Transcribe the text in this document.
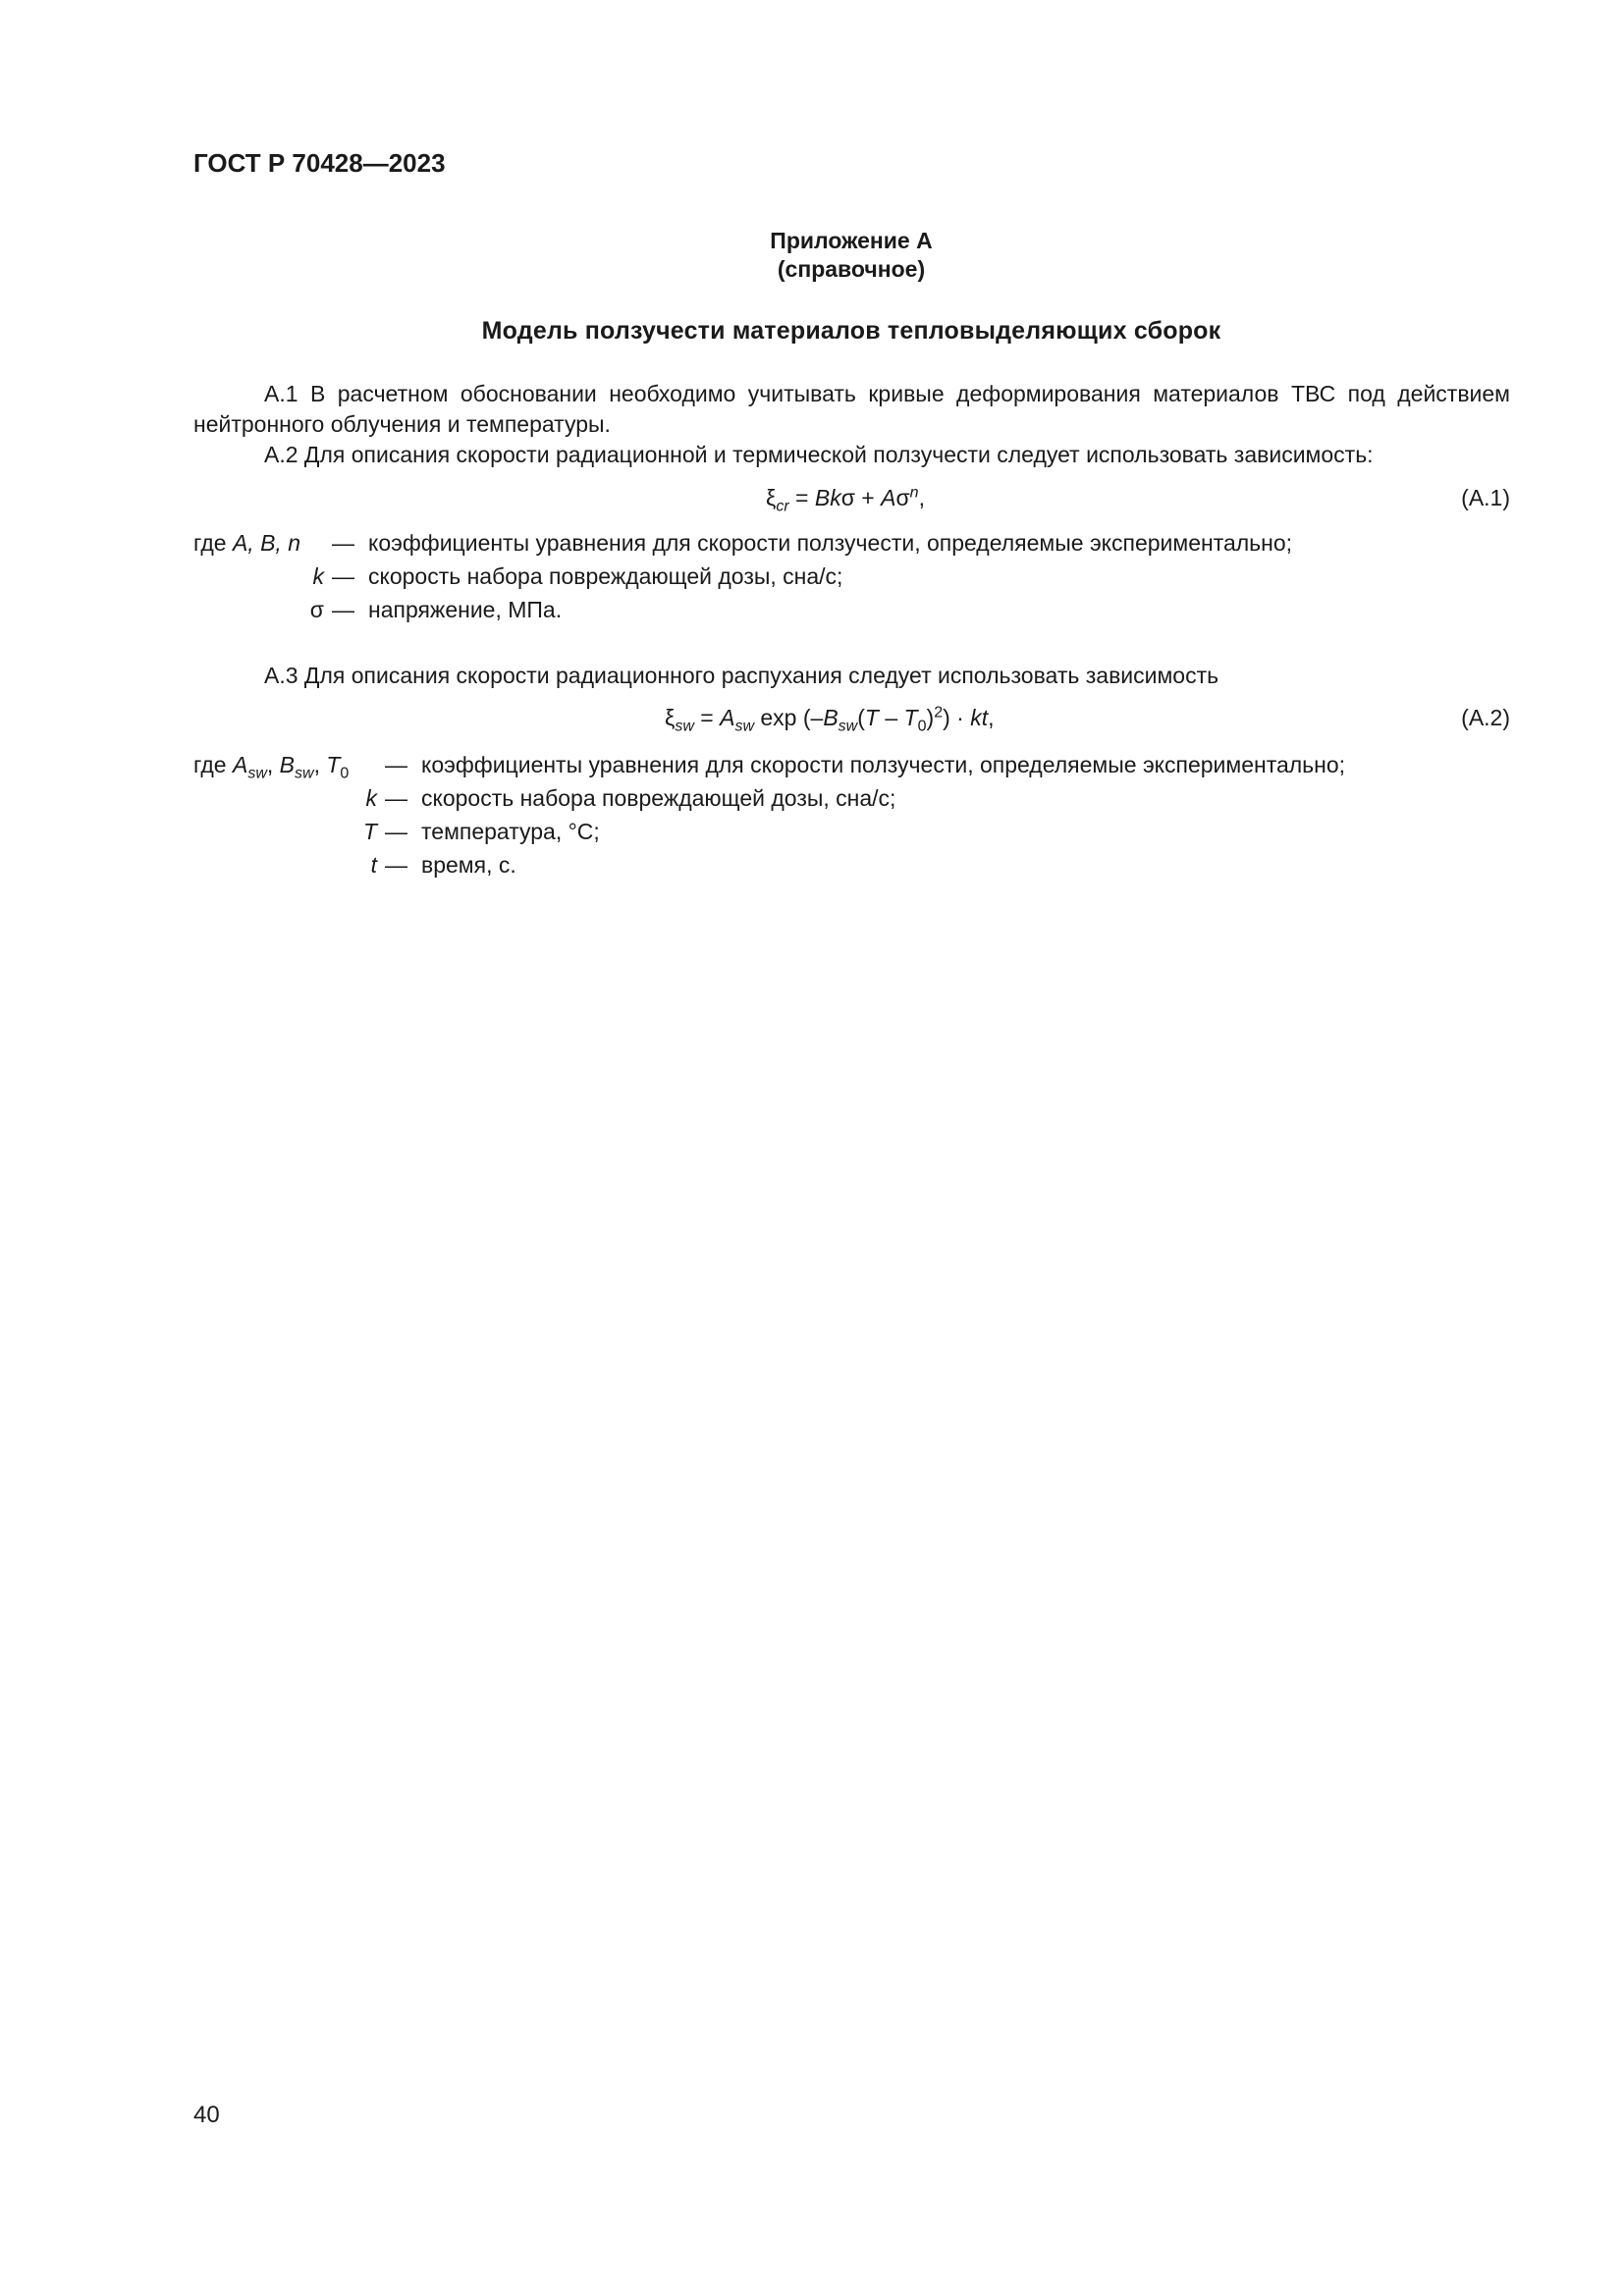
ГОСТ Р 70428—2023
Приложение А
(справочное)
Модель ползучести материалов тепловыделяющих сборок
А.1 В расчетном обосновании необходимо учитывать кривые деформирования материалов ТВС под действием нейтронного облучения и температуры.
А.2 Для описания скорости радиационной и термической ползучести следует использовать зависимость:
$\xi_{cr} = Bk\sigma + A\sigma^n$,	(А.1)
где A, B, n — коэффициенты уравнения для скорости ползучести, определяемые экспериментально;
k — скорость набора повреждающей дозы, сна/с;
σ — напряжение, МПа.
А.3 Для описания скорости радиационного распухания следует использовать зависимость
$\xi_{sw} = A_{sw}$ $\exp (-B_{sw}(T - T_0)^2)$ · kt,	(А.2)
где $A_{sw}$, $B_{sw}$, $T_0$ — коэффициенты уравнения для скорости ползучести, определяемые экспериментально;
k — скорость набора повреждающей дозы, сна/с;
T — температура, °С;
t — время, с.
40
